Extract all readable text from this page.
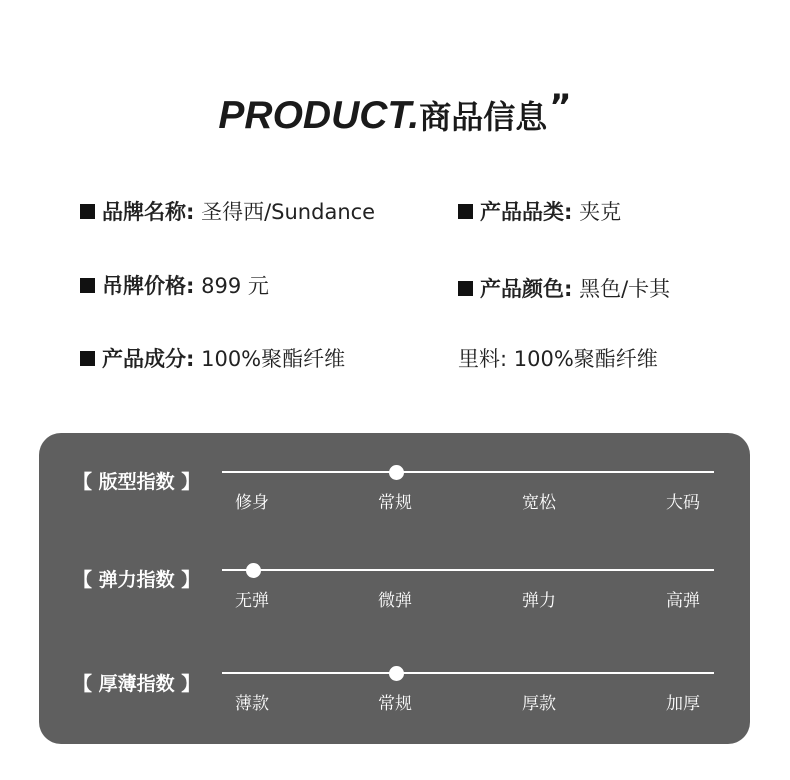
PRODUCT.商品信息”
品牌名称: 圣得西/Sundance	产品品类: 夹克
吊牌价格: 899 元	产品颜色: 黑色/卡其
产品成分: 100%聚酯纤维	里料: 100%聚酯纤维
【 版型指数 】
修身	常规	宽松	大码
【 弹力指数 】
无弹	微弹	弹力	高弹
【 厚薄指数 】
薄款	常规	厚款	加厚
